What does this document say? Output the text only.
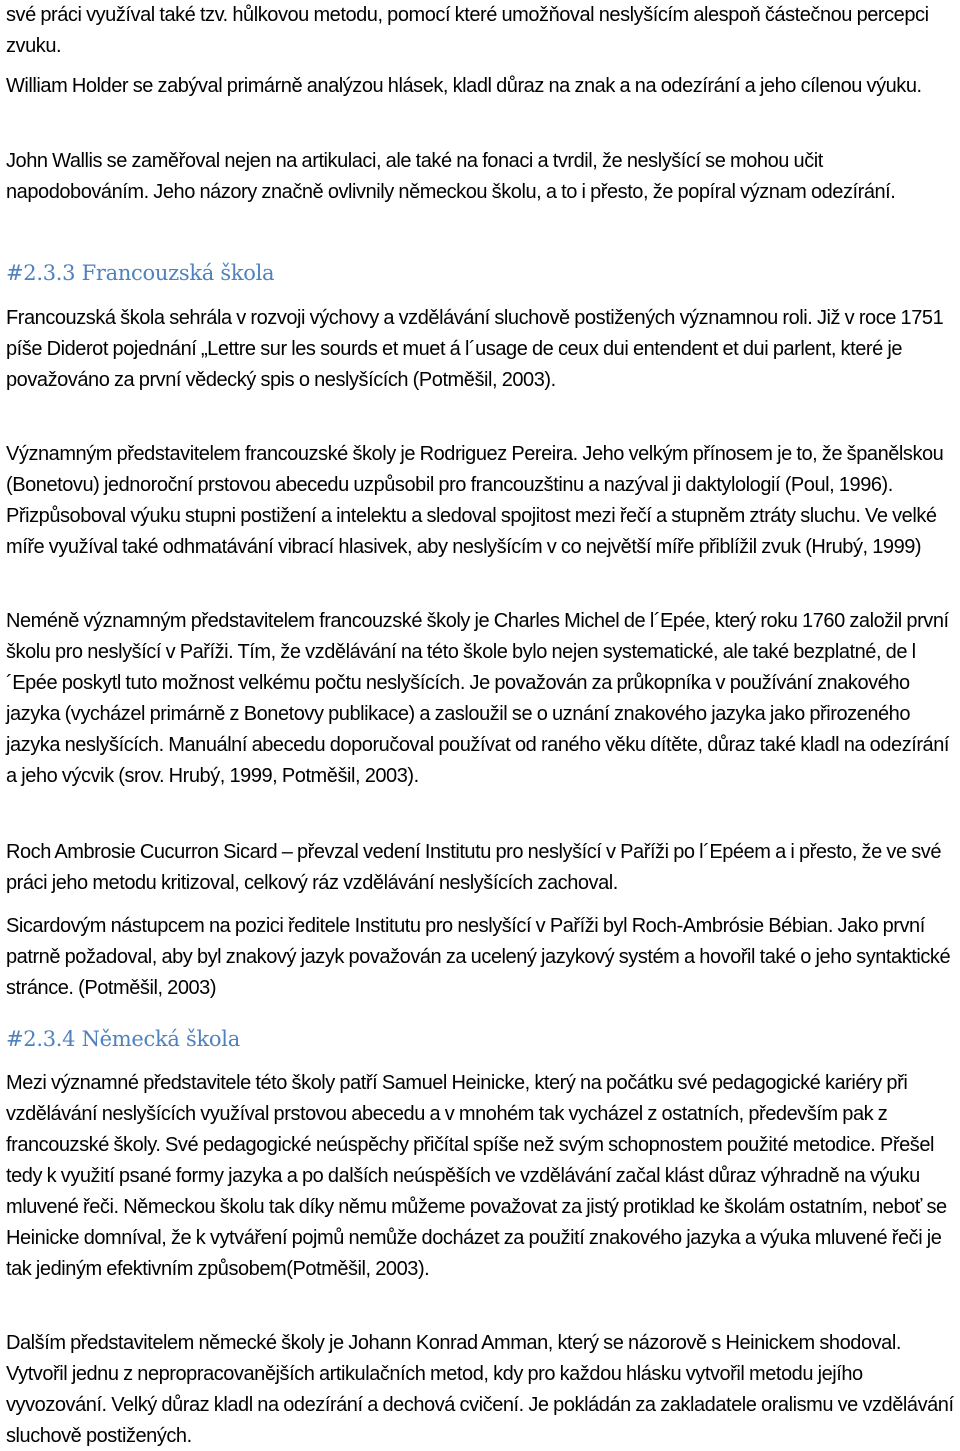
své práci využíval také tzv. hůlkovou metodu, pomocí které umožňoval neslyšícím alespoň částečnou percepci zvuku.

William Holder se zabýval primárně analýzou hlásek, kladl důraz na znak a na odezírání a jeho cílenou výuku.

John Wallis se zaměřoval nejen na artikulaci, ale také na fonaci a tvrdil, že neslyšící se mohou učit napodobováním. Jeho názory značně ovlivnily německou školu, a to i přesto, že popíral význam odezírání.

#2.3.3 Francouzská škola

Francouzská škola sehrála v rozvoji výchovy a vzdělávání sluchově postižených významnou roli. Již v roce 1751 píše Diderot pojednání „Lettre sur les sourds et muet á l´usage de ceux dui entendent et dui parlent, které je považováno za první vědecký spis o neslyšících (Potměšil, 2003).

Významným představitelem francouzské školy je Rodriguez Pereira. Jeho velkým přínosem je to, že španělskou (Bonetovu) jednoroční prstovou abecedu uzpůsobil pro francouzštinu a nazýval ji daktylologií (Poul, 1996). Přizpůsoboval výuku stupni postižení a intelektu a sledoval spojitost mezi řečí a stupněm ztráty sluchu. Ve velké míře využíval také odhmatávání vibrací hlasivek, aby neslyšícím v co největší míře přiblížil zvuk (Hrubý, 1999)

Neméně významným představitelem francouzské školy je Charles Michel de l´Epée, který roku 1760 založil první školu pro neslyšící v Paříži. Tím, že vzdělávání na této škole bylo nejen systematické, ale také bezplatné, de l´Epée poskytl tuto možnost velkému počtu neslyšících. Je považován za průkopníka v používání znakového jazyka (vycházel primárně z Bonetovy publikace) a zasloužil se o uznání znakového jazyka jako přirozeného jazyka neslyšících. Manuální abecedu doporučoval používat od raného věku dítěte, důraz také kladl na odezírání a jeho výcvik (srov. Hrubý, 1999, Potměšil, 2003).

Roch Ambrosie Cucurron Sicard – převzal vedení Institutu pro neslyšící v Paříži po l´Epéem a i přesto, že ve své práci jeho metodu kritizoval, celkový ráz vzdělávání neslyšících zachoval.

Sicardovým nástupcem na pozici ředitele Institutu pro neslyšící v Paříži byl Roch-Ambrósie Bébian. Jako první patrně požadoval, aby byl znakový jazyk považován za ucelený jazykový systém a hovořil také o jeho syntaktické stránce. (Potměšil, 2003)

#2.3.4 Německá škola

Mezi významné představitele této školy patří Samuel Heinicke, který na počátku své pedagogické kariéry při vzdělávání neslyšících využíval prstovou abecedu a v mnohém tak vycházel z ostatních, především pak z francouzské školy. Své pedagogické neúspěchy přičítal spíše než svým schopnostem použité metodice. Přešel tedy k využití psané formy jazyka a po dalších neúspěších ve vzdělávání začal klást důraz výhradně na výuku mluvené řeči. Německou školu tak díky němu můžeme považovat za jistý protiklad ke školám ostatním, neboť se Heinicke domníval, že k vytváření pojmů nemůže docházet za použití znakového jazyka a výuka mluvené řeči je tak jediným efektivním způsobem(Potměšil, 2003).

Dalším představitelem německé školy je Johann Konrad Amman, který se názorově s Heinickem shodoval. Vytvořil jednu z nepropracovanějších artikulačních metod, kdy pro každou hlásku vytvořil metodu jejího vyvozování. Velký důraz kladl na odezírání a dechová cvičení. Je pokládán za zakladatele oralismu ve vzdělávání sluchově postižených.
